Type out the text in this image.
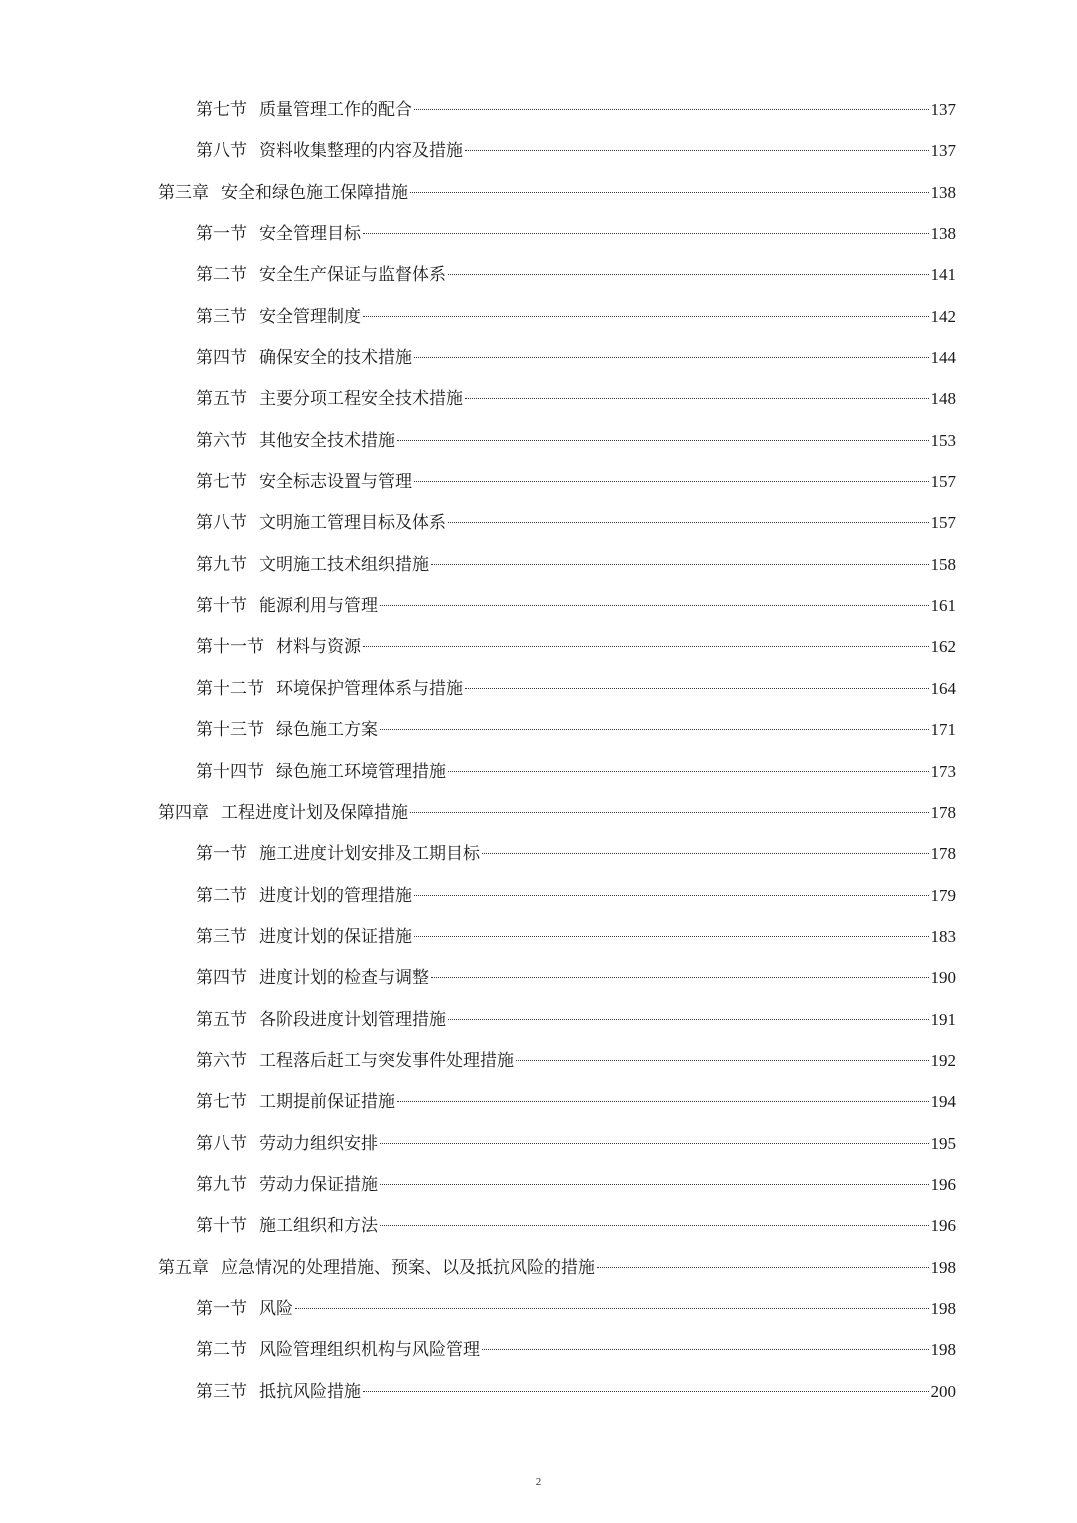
第七节 质量管理工作的配合	137
第八节 资料收集整理的内容及措施	137
第三章 安全和绿色施工保障措施	138
第一节 安全管理目标	138
第二节 安全生产保证与监督体系	141
第三节 安全管理制度	142
第四节 确保安全的技术措施	144
第五节 主要分项工程安全技术措施	148
第六节 其他安全技术措施	153
第七节 安全标志设置与管理	157
第八节 文明施工管理目标及体系	157
第九节 文明施工技术组织措施	158
第十节 能源利用与管理	161
第十一节 材料与资源	162
第十二节 环境保护管理体系与措施	164
第十三节 绿色施工方案	171
第十四节 绿色施工环境管理措施	173
第四章 工程进度计划及保障措施	178
第一节 施工进度计划安排及工期目标	178
第二节 进度计划的管理措施	179
第三节 进度计划的保证措施	183
第四节 进度计划的检查与调整	190
第五节 各阶段进度计划管理措施	191
第六节 工程落后赶工与突发事件处理措施	192
第七节 工期提前保证措施	194
第八节 劳动力组织安排	195
第九节 劳动力保证措施	196
第十节 施工组织和方法	196
第五章 应急情况的处理措施、预案、以及抵抗风险的措施	198
第一节 风险	198
第二节 风险管理组织机构与风险管理	198
第三节 抵抗风险措施	200
2
